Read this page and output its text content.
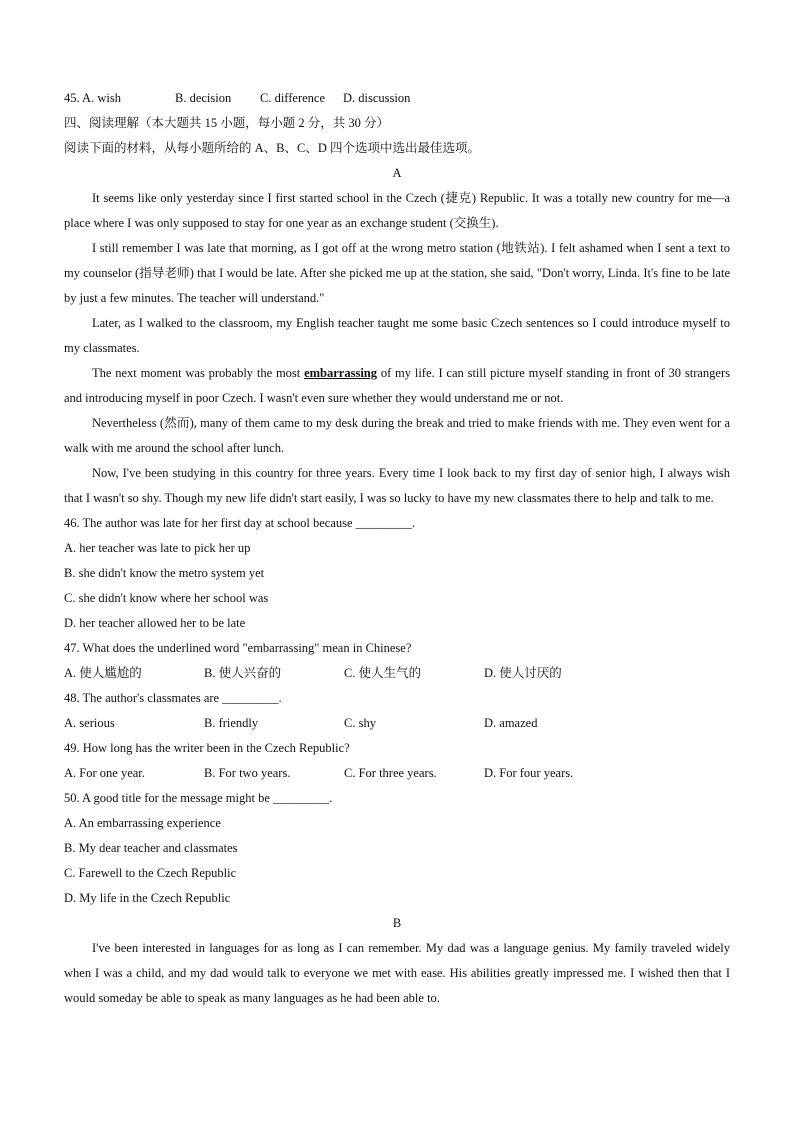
45. A. wish	B. decision	C. difference	D. discussion
四、阅读理解（本大题共 15 小题，每小题 2 分，共 30 分）
阅读下面的材料，从每小题所给的 A、B、C、D 四个选项中选出最佳选项。
A
It seems like only yesterday since I first started school in the Czech (捷克) Republic. It was a totally new country for me—a place where I was only supposed to stay for one year as an exchange student (交换生).
I still remember I was late that morning, as I got off at the wrong metro station (地铁站). I felt ashamed when I sent a text to my counselor (指导老师) that I would be late. After she picked me up at the station, she said, "Don't worry, Linda. It's fine to be late by just a few minutes. The teacher will understand."
Later, as I walked to the classroom, my English teacher taught me some basic Czech sentences so I could introduce myself to my classmates.
The next moment was probably the most embarrassing of my life. I can still picture myself standing in front of 30 strangers and introducing myself in poor Czech. I wasn't even sure whether they would understand me or not.
Nevertheless (然而), many of them came to my desk during the break and tried to make friends with me. They even went for a walk with me around the school after lunch.
Now, I've been studying in this country for three years. Every time I look back to my first day of senior high, I always wish that I wasn't so shy. Though my new life didn't start easily, I was so lucky to have my new classmates there to help and talk to me.
46. The author was late for her first day at school because _________.
A. her teacher was late to pick her up
B. she didn't know the metro system yet
C. she didn't know where her school was
D. her teacher allowed her to be late
47. What does the underlined word "embarrassing" mean in Chinese?
A. 使人尴尬的	B. 使人兴奋的	C. 使人生气的	D. 使人讨厌的
48. The author's classmates are _________.
A. serious	B. friendly	C. shy	D. amazed
49. How long has the writer been in the Czech Republic?
A. For one year.	B. For two years.	C. For three years.	D. For four years.
50. A good title for the message might be _________.
A. An embarrassing experience
B. My dear teacher and classmates
C. Farewell to the Czech Republic
D. My life in the Czech Republic
B
I've been interested in languages for as long as I can remember. My dad was a language genius. My family traveled widely when I was a child, and my dad would talk to everyone we met with ease. His abilities greatly impressed me. I wished then that I would someday be able to speak as many languages as he had been able to.
